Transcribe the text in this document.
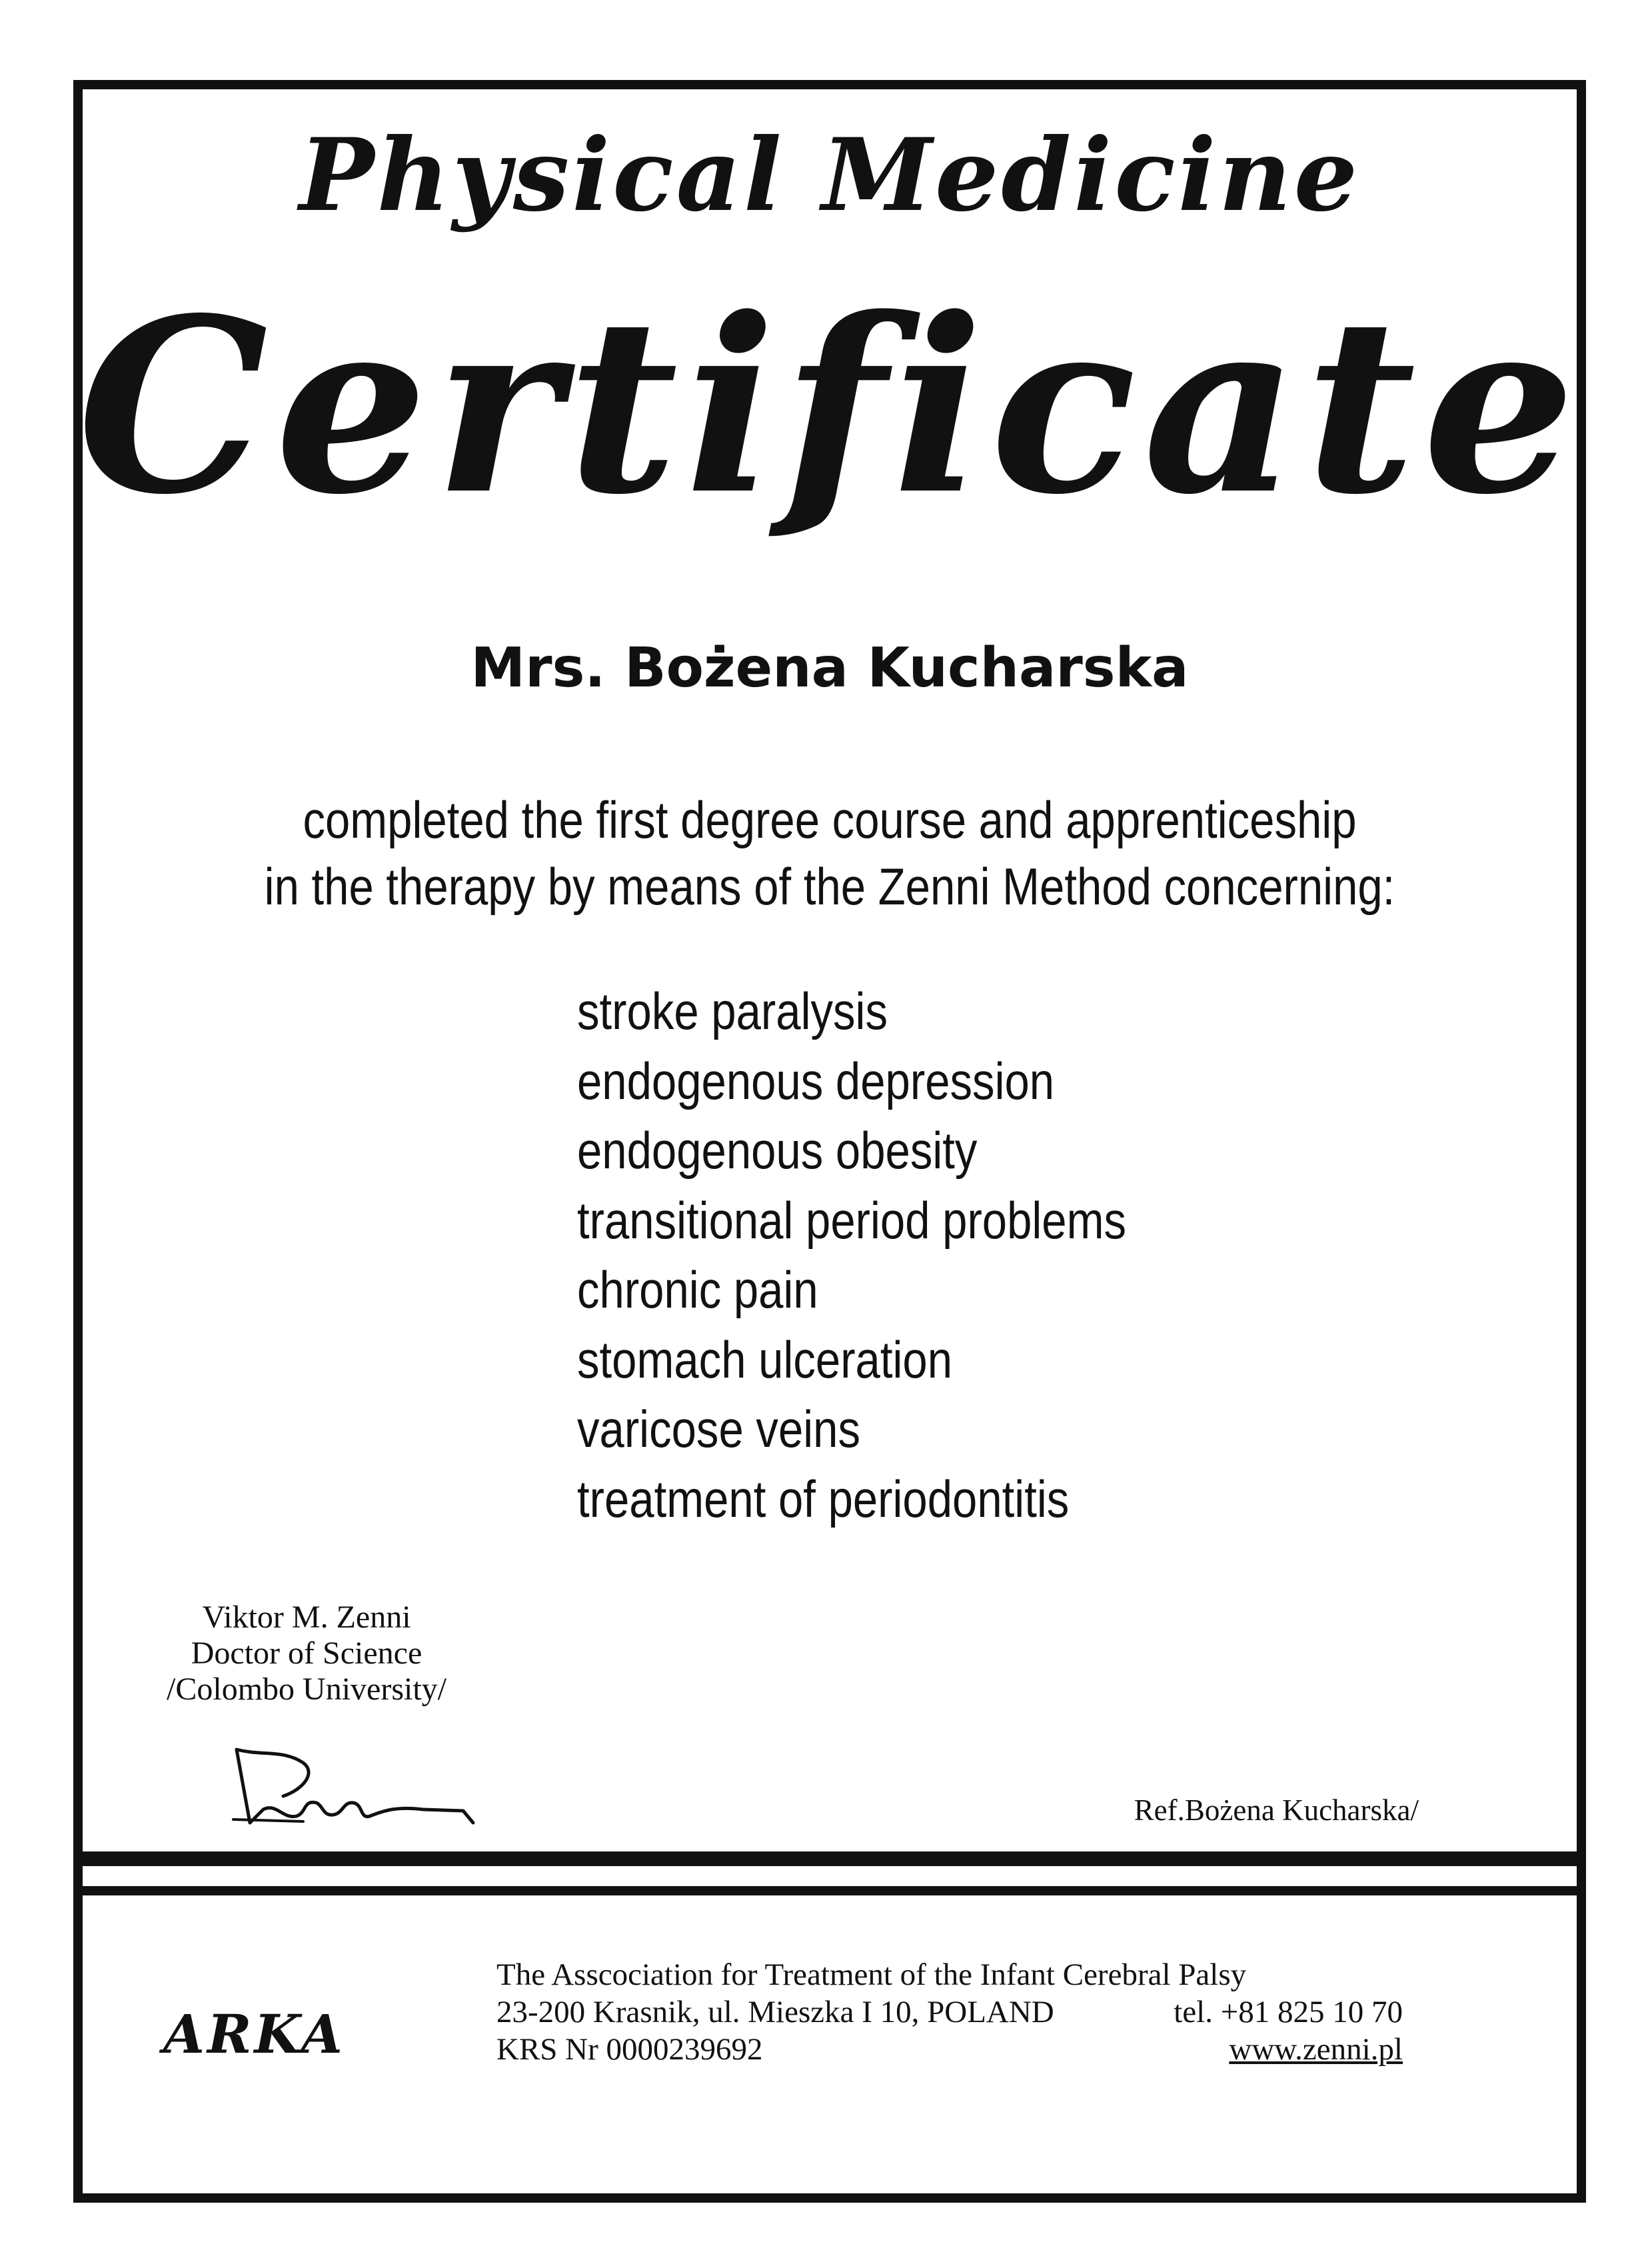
Physical Medicine
Certificate
Mrs. Bożena Kucharska
completed the first degree course and apprenticeship
in the therapy by means of the Zenni Method concerning:
stroke paralysis
endogenous depression
endogenous obesity
transitional period problems
chronic pain
stomach ulceration
varicose veins
treatment of periodontitis
Viktor M. Zenni
Doctor of Science
/Colombo University/
Ref.Bożena Kucharska/
ARKA
The Asscociation for Treatment of the Infant Cerebral Palsy
23-200 Krasnik, ul. Mieszka I 10, POLAND	tel. +81 825 10 70
KRS Nr 0000239692	www.zenni.pl
